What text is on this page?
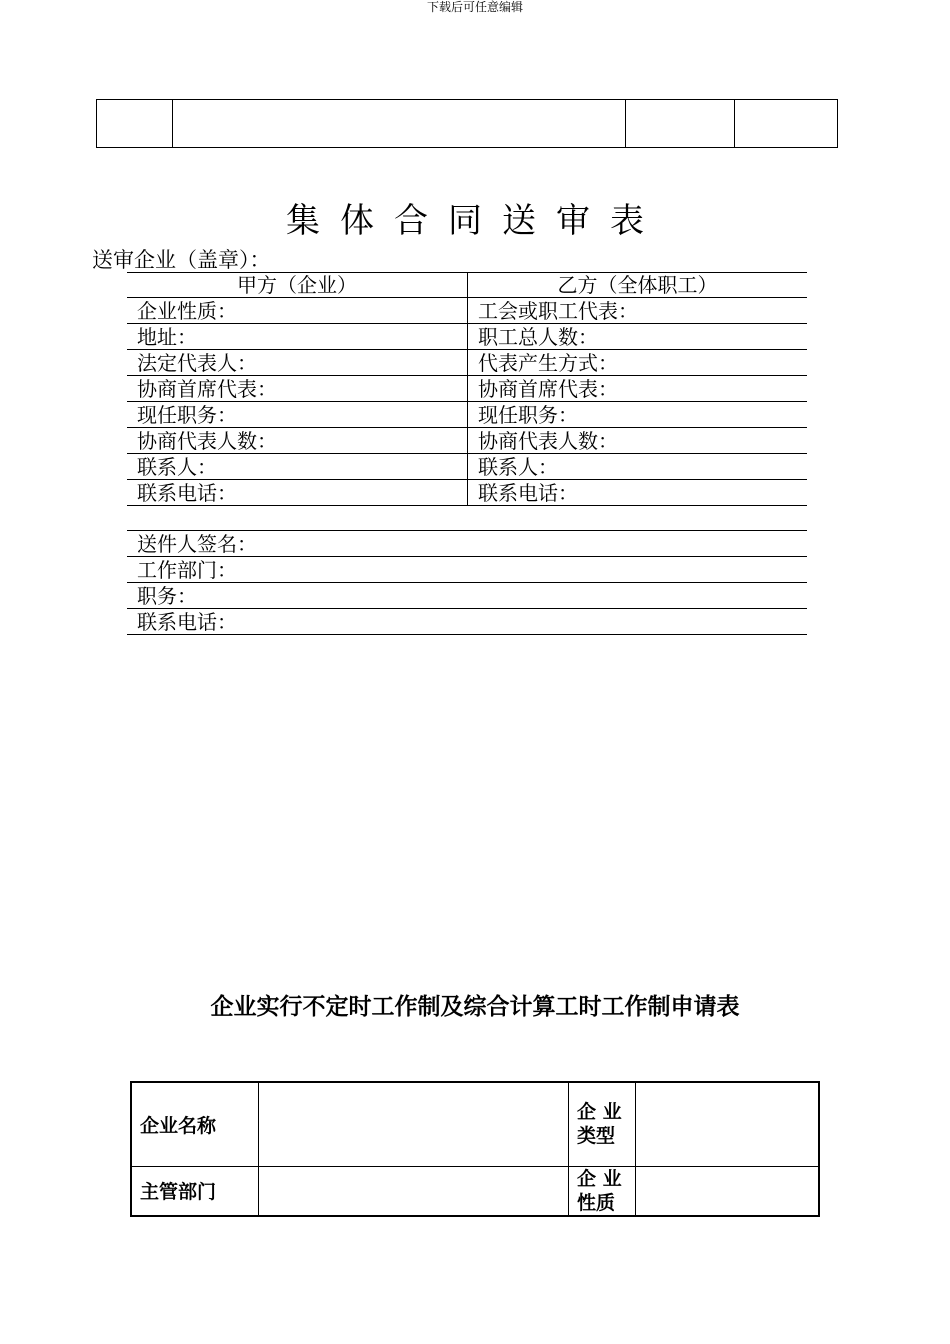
下载后可任意编辑

集体合同送审表
送审企业（盖章）：
甲方（企业）	乙方（全体职工）
企业性质：	工会或职工代表：
地址：	职工总人数：
法定代表人：	代表产生方式：
协商首席代表：	协商首席代表：
现任职务：	现任职务：
协商代表人数：	协商代表人数：
联系人：	联系人：
联系电话：	联系电话：
送件人签名：
工作部门：
职务：
联系电话：
企业实行不定时工作制及综合计算工时工作制申请表
企业名称		企 业
类型	
主管部门		企 业
性质	
